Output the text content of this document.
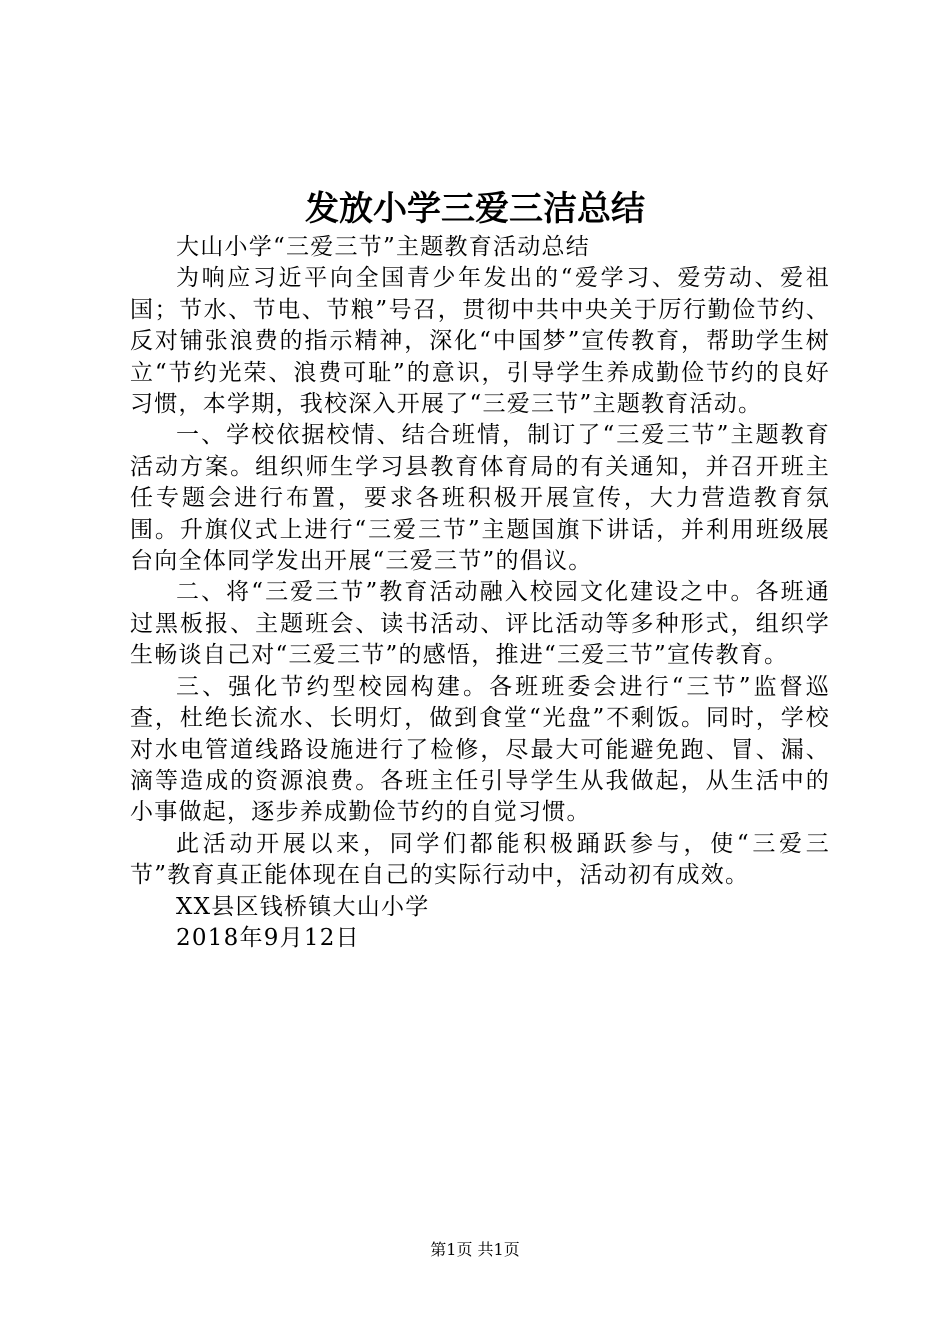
发放小学三爱三洁总结

大山小学“三爱三节”主题教育活动总结

为响应习近平向全国青少年发出的“爱学习、爱劳动、爱祖国；节水、节电、节粮”号召，贯彻中共中央关于厉行勤俭节约、反对铺张浪费的指示精神，深化“中国梦”宣传教育，帮助学生树立“节约光荣、浪费可耻”的意识，引导学生养成勤俭节约的良好习惯，本学期，我校深入开展了“三爱三节”主题教育活动。

一、学校依据校情、结合班情，制订了“三爱三节”主题教育活动方案。组织师生学习县教育体育局的有关通知，并召开班主任专题会进行布置，要求各班积极开展宣传，大力营造教育氛围。升旗仪式上进行“三爱三节”主题国旗下讲话，并利用班级展台向全体同学发出开展“三爱三节”的倡议。

二、将“三爱三节”教育活动融入校园文化建设之中。各班通过黑板报、主题班会、读书活动、评比活动等多种形式，组织学生畅谈自己对“三爱三节”的感悟，推进“三爱三节”宣传教育。

三、强化节约型校园构建。各班班委会进行“三节”监督巡查，杜绝长流水、长明灯，做到食堂“光盘”不剩饭。同时，学校对水电管道线路设施进行了检修，尽最大可能避免跑、冒、漏、滴等造成的资源浪费。各班主任引导学生从我做起，从生活中的小事做起，逐步养成勤俭节约的自觉习惯。

此活动开展以来，同学们都能积极踊跃参与，使“三爱三节”教育真正能体现在自己的实际行动中，活动初有成效。

XX县区钱桥镇大山小学

2018年9月12日

第1页 共1页
